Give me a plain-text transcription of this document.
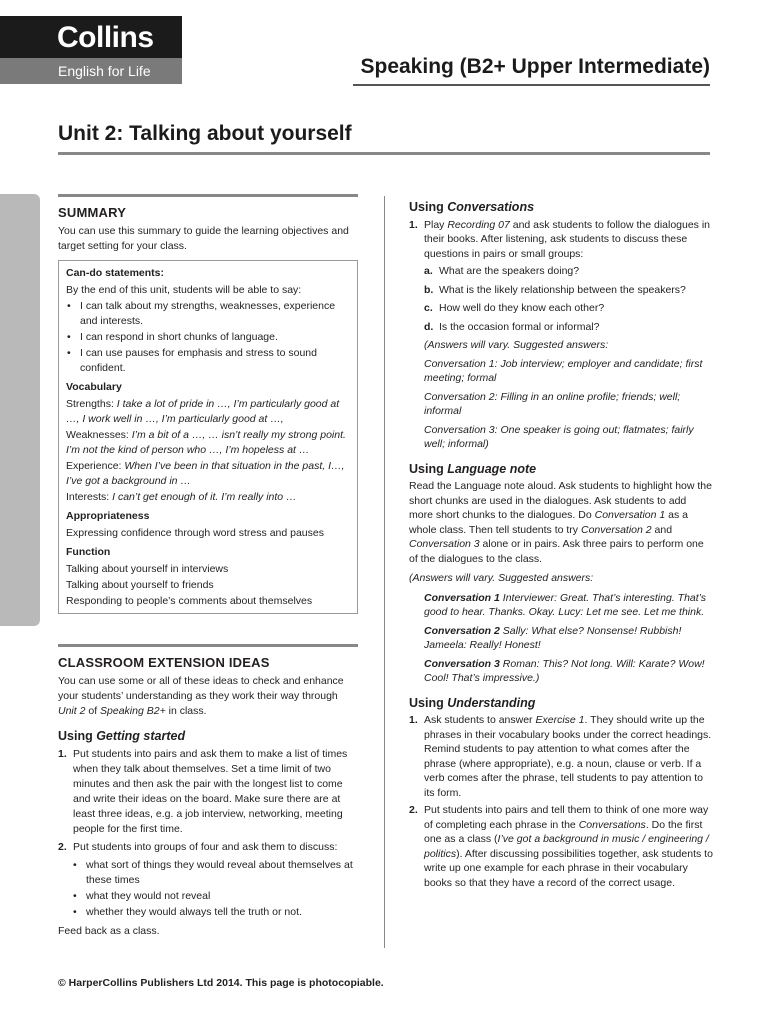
Collins
English for Life	Speaking (B2+ Upper Intermediate)
Unit 2: Talking about yourself
SUMMARY

You can use this summary to guide the learning objectives and target setting for your class.

Can-do statements:

By the end of this unit, students will be able to say:

• I can talk about my strengths, weaknesses, experience and interests.
• I can respond in short chunks of language.
• I can use pauses for emphasis and stress to sound confident.
Vocabulary

Strengths: I take a lot of pride in …, I’m particularly good at …, I work well in …, I’m particularly good at …,

Weaknesses: I’m a bit of a …, … isn’t really my strong point. I’m not the kind of person who …, I’m hopeless at …

Experience: When I’ve been in that situation in the past, I…, I’ve got a background in …

Interests: I can’t get enough of it. I’m really into …

Appropriateness

Expressing confidence through word stress and pauses

Function

Talking about yourself in interviews

Talking about yourself to friends

Responding to people’s comments about themselves

CLASSROOM EXTENSION IDEAS

You can use some or all of these ideas to check and enhance your students’ understanding as they work their way through Unit 2 of Speaking B2+ in class.

Using Getting started
1. Put students into pairs and ask them to make a list of times when they talk about themselves. Set a time limit of two minutes and then ask the pair with the longest list to come and write their ideas on the board. Make sure there are at least three ideas, e.g. a job interview, networking, meeting people for the first time.
2. Put students into groups of four and ask them to discuss:
• what sort of things they would reveal about themselves at these times
• what they would not reveal
• whether they would always tell the truth or not.

Feed back as a class.

Using Conversations
1. Play Recording 07 and ask students to follow the dialogues in their books. After listening, ask students to discuss these questions in pairs or small groups:
a. What are the speakers doing?
b. What is the likely relationship between the speakers?
c. How well do they know each other?
d. Is the occasion formal or informal?

(Answers will vary. Suggested answers:

Conversation 1: Job interview; employer and candidate; first meeting; formal

Conversation 2: Filling in an online profile; friends; well; informal

Conversation 3: One speaker is going out; flatmates; fairly well; informal)

Using Language note

Read the Language note aloud. Ask students to highlight how the short chunks are used in the dialogues. Ask students to add more short chunks to the dialogues. Do Conversation 1 as a whole class. Then tell students to try Conversation 2 and Conversation 3 alone or in pairs. Ask three pairs to perform one of the dialogues to the class.

(Answers will vary. Suggested answers:

Conversation 1 Interviewer: Great. That’s interesting. That’s good to hear. Thanks. Okay. Lucy: Let me see. Let me think.

Conversation 2 Sally: What else? Nonsense! Rubbish! Jameela: Really! Honest!

Conversation 3 Roman: This? Not long. Will: Karate? Wow! Cool! That’s impressive.)

Using Understanding
1. Ask students to answer Exercise 1. They should write up the phrases in their vocabulary books under the correct headings. Remind students to pay attention to what comes after the phrase (where appropriate), e.g. a noun, clause or verb. If a verb comes after the phrase, tell students to pay attention to its form.
2. Put students into pairs and tell them to think of one more way of completing each phrase in the Conversations. Do the first one as a class (I’ve got a background in music / engineering / politics). After discussing possibilities together, ask students to write up one example for each phrase in their vocabulary books so that they have a record of the correct usage.
© HarperCollins Publishers Ltd 2014. This page is photocopiable.
